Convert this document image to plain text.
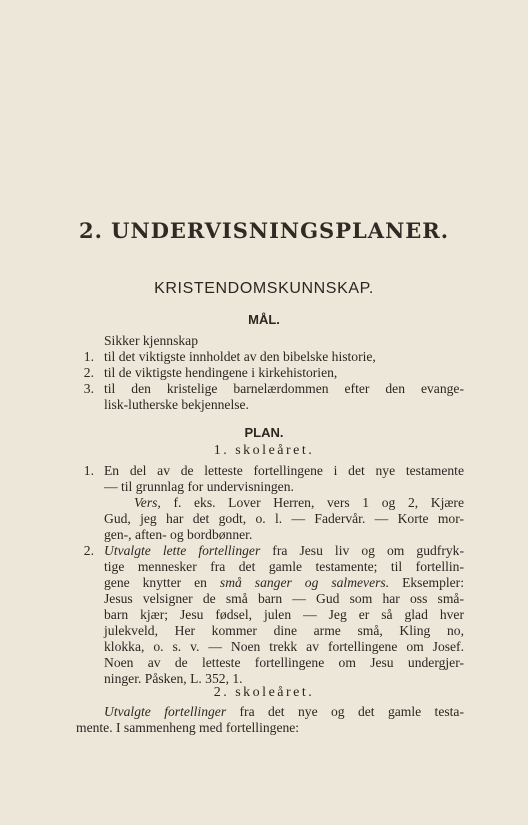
2. UNDERVISNINGSPLANER.
KRISTENDOMSKUNNSKAP.
MÅL.
Sikker kjennskap
1. til det viktigste innholdet av den bibelske historie,
2. til de viktigste hendingene i kirkehistorien,
3. til den kristelige barnelærdommen efter den evange-
lisk-lutherske bekjennelse.
PLAN.
1. skoleåret.
1. En del av de letteste fortellingene i det nye testamente
— til grunnlag for undervisningen.
Vers, f. eks. Lover Herren, vers 1 og 2, Kjære
Gud, jeg har det godt, o. l. — Fadervår. — Korte mor-
gen-, aften- og bordbønner.
2. Utvalgte lette fortellinger fra Jesu liv og om gudfryk-
tige mennesker fra det gamle testamente; til fortellin-
gene knytter en små sanger og salmevers. Eksempler:
Jesus velsigner de små barn — Gud som har oss små-
barn kjær; Jesu fødsel, julen — Jeg er så glad hver
julekveld, Her kommer dine arme små, Kling no,
klokka, o. s. v. — Noen trekk av fortellingene om Josef.
Noen av de letteste fortellingene om Jesu undergjer-
ninger. Påsken, L. 352, 1.
2. skoleåret.
Utvalgte fortellinger fra det nye og det gamle testa-
mente. I sammenheng med fortellingene:
